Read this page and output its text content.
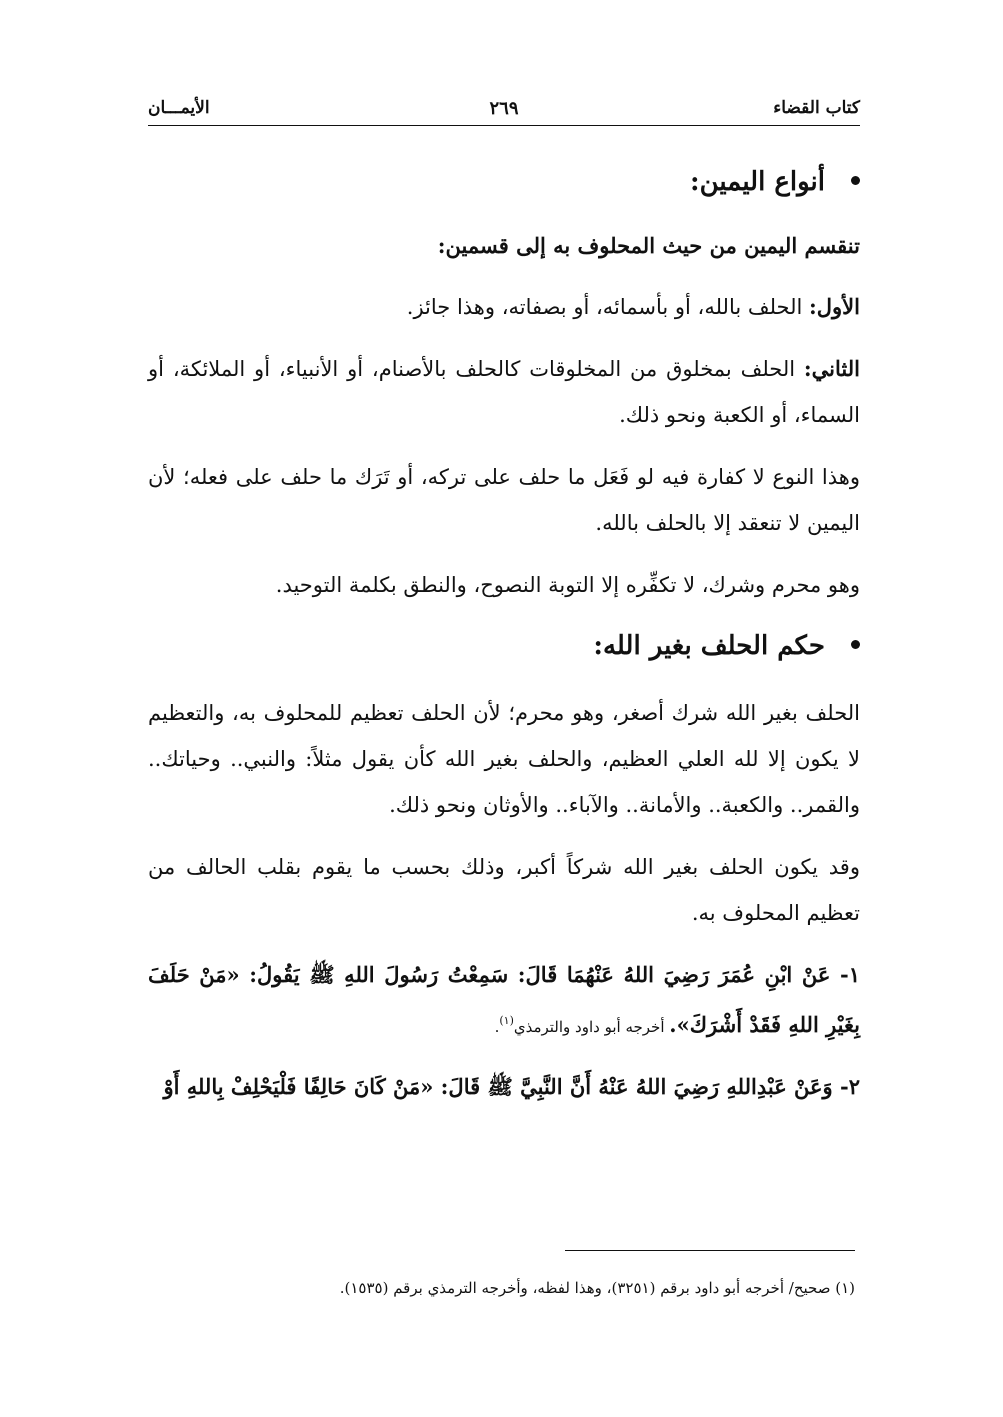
كتاب القضاء
٢٦٩
الأيمـــان
أنواع اليمين:
تنقسم اليمين من حيث المحلوف به إلى قسمين:

الأول: الحلف بالله، أو بأسمائه، أو بصفاته، وهذا جائز.

الثاني: الحلف بمخلوق من المخلوقات كالحلف بالأصنام، أو الأنبياء، أو الملائكة، أو السماء، أو الكعبة ونحو ذلك.

وهذا النوع لا كفارة فيه لو فَعَل ما حلف على تركه، أو تَرَك ما حلف على فعله؛ لأن اليمين لا تنعقد إلا بالحلف بالله.

وهو محرم وشرك، لا تكفِّره إلا التوبة النصوح، والنطق بكلمة التوحيد.

حكم الحلف بغير الله:

الحلف بغير الله شرك أصغر، وهو محرم؛ لأن الحلف تعظيم للمحلوف به، والتعظيم لا يكون إلا لله العلي العظيم، والحلف بغير الله كأن يقول مثلاً: والنبي.. وحياتك.. والقمر.. والكعبة.. والأمانة.. والآباء.. والأوثان ونحو ذلك.

وقد يكون الحلف بغير الله شركاً أكبر، وذلك بحسب ما يقوم بقلب الحالف من تعظيم المحلوف به.

١- عَنْ ابْنِ عُمَرَ رَضِيَ اللهُ عَنْهُمَا قَالَ: سَمِعْتُ رَسُولَ اللهِ ﷺ يَقُولُ: «مَنْ حَلَفَ بِغَيْرِ اللهِ فَقَدْ أَشْرَكَ». أخرجه أبو داود والترمذي$^{(١)}$.
٢- وَعَنْ عَبْدِاللهِ رَضِيَ اللهُ عَنْهُ أَنَّ النَّبِيَّ ﷺ قَالَ: «مَنْ كَانَ حَالِفًا فَلْيَحْلِفْ بِاللهِ أَوْ
(١) صحيح/ أخرجه أبو داود برقم (٣٢٥١)، وهذا لفظه، وأخرجه الترمذي برقم (١٥٣٥).
